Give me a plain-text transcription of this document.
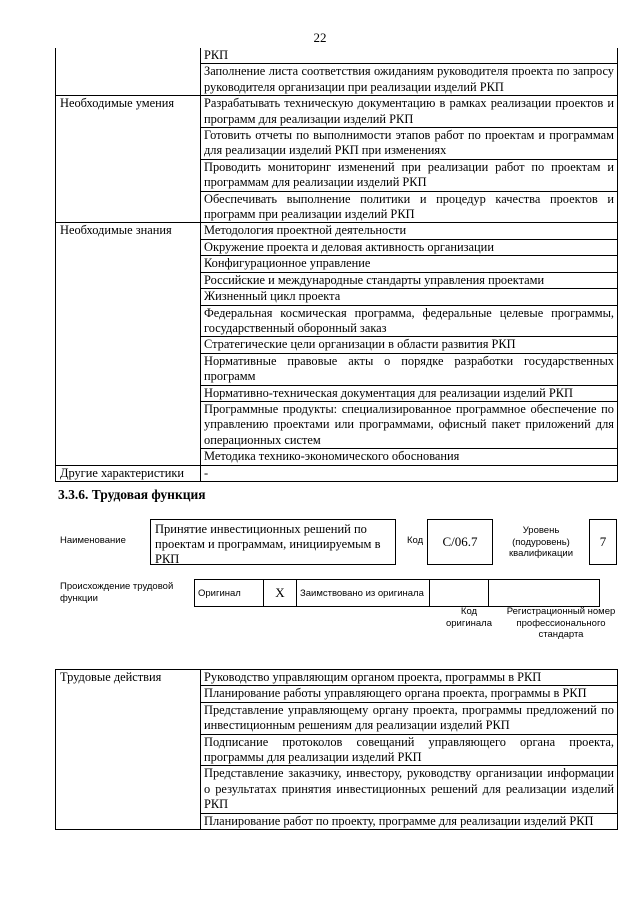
22
	РКП
	Заполнение листа соответствия ожиданиям руководителя проекта по запросу руководителя организации при реализации изделий РКП
Необходимые умения	Разрабатывать техническую документацию в рамках реализации проектов и программ для реализации изделий РКП
	Готовить отчеты по выполнимости этапов работ по проектам и программам для реализации изделий РКП при изменениях
	Проводить мониторинг изменений при реализации работ по проектам и программам для реализации изделий РКП
	Обеспечивать выполнение политики и процедур качества проектов и программ при реализации изделий РКП
Необходимые знания	Методология проектной деятельности
	Окружение проекта и деловая активность организации
	Конфигурационное управление
	Российские и международные стандарты управления проектами
	Жизненный цикл проекта
	Федеральная космическая программа, федеральные целевые программы, государственный оборонный заказ
	Стратегические цели организации в области развития РКП
	Нормативные правовые акты о порядке разработки государственных программ
	Нормативно-техническая документация для реализации изделий РКП
	Программные продукты: специализированное программное обеспечение по управлению проектами или программами, офисный пакет приложений для операционных систем
	Методика технико-экономического обоснования
Другие характеристики	-
3.3.6. Трудовая функция
Наименование
Принятие инвестиционных решений по проектам и программам, инициируемым в РКП
Код	C/06.7
Уровень (подуровень) квалификации
7
Происхождение трудовой функции	Оригинал	X	Заимствовано из оригинала		
Код оригинала
Регистрационный номер профессионального стандарта
Трудовые действия	Руководство управляющим органом проекта, программы в РКП
Планирование работы управляющего органа проекта, программы в РКП
Представление управляющему органу проекта, программы предложений по инвестиционным решениям для реализации изделий РКП
Подписание протоколов совещаний управляющего органа проекта, программы для реализации изделий РКП
Представление заказчику, инвестору, руководству организации информации о результатах принятия инвестиционных решений для реализации изделий РКП
Планирование работ по проекту, программе для реализации изделий РКП
